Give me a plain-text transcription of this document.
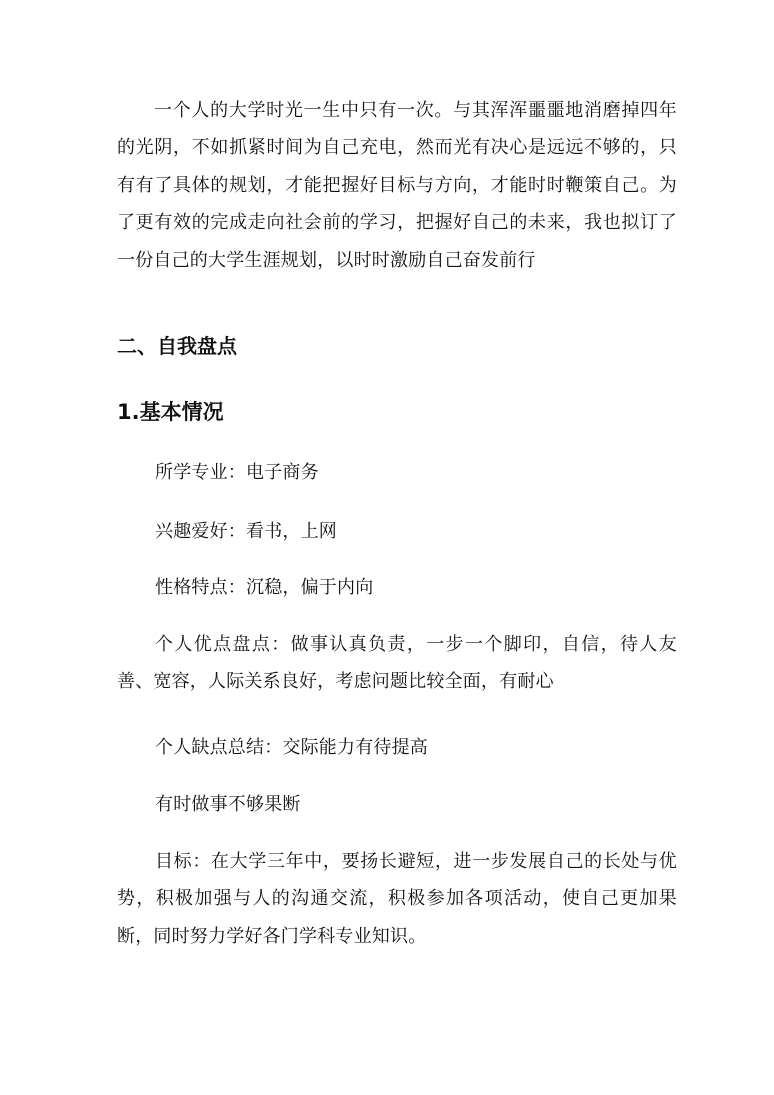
一个人的大学时光一生中只有一次。与其浑浑噩噩地消磨掉四年的光阴，不如抓紧时间为自己充电，然而光有决心是远远不够的，只有有了具体的规划，才能把握好目标与方向，才能时时鞭策自己。为了更有效的完成走向社会前的学习，把握好自己的未来，我也拟订了一份自己的大学生涯规划，以时时激励自己奋发前行

二、自我盘点
1.基本情况

所学专业：电子商务

兴趣爱好：看书，上网

性格特点：沉稳，偏于内向

个人优点盘点：做事认真负责，一步一个脚印，自信，待人友善、宽容，人际关系良好，考虑问题比较全面，有耐心

个人缺点总结：交际能力有待提高

有时做事不够果断

目标：在大学三年中，要扬长避短，进一步发展自己的长处与优势，积极加强与人的沟通交流，积极参加各项活动，使自己更加果断，同时努力学好各门学科专业知识。
